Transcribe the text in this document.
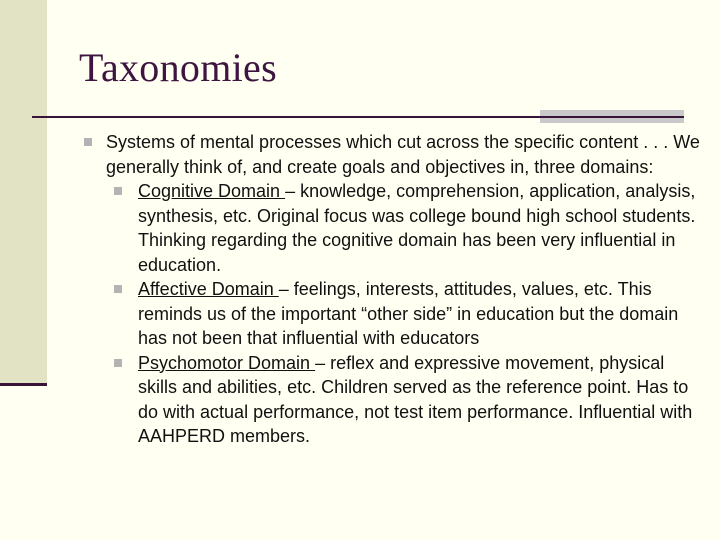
Taxonomies
Systems of mental processes which cut across the specific content . . . We generally think of, and create goals and objectives in, three domains:
Cognitive Domain – knowledge, comprehension, application, analysis, synthesis, etc. Original focus was college bound high school students. Thinking regarding the cognitive domain has been very influential in education.
Affective Domain – feelings, interests, attitudes, values, etc. This reminds us of the important “other side” in education but the domain has not been that influential with educators
Psychomotor Domain – reflex and expressive movement, physical skills and abilities, etc. Children served as the reference point. Has to do with actual performance, not test item performance. Influential with AAHPERD members.
